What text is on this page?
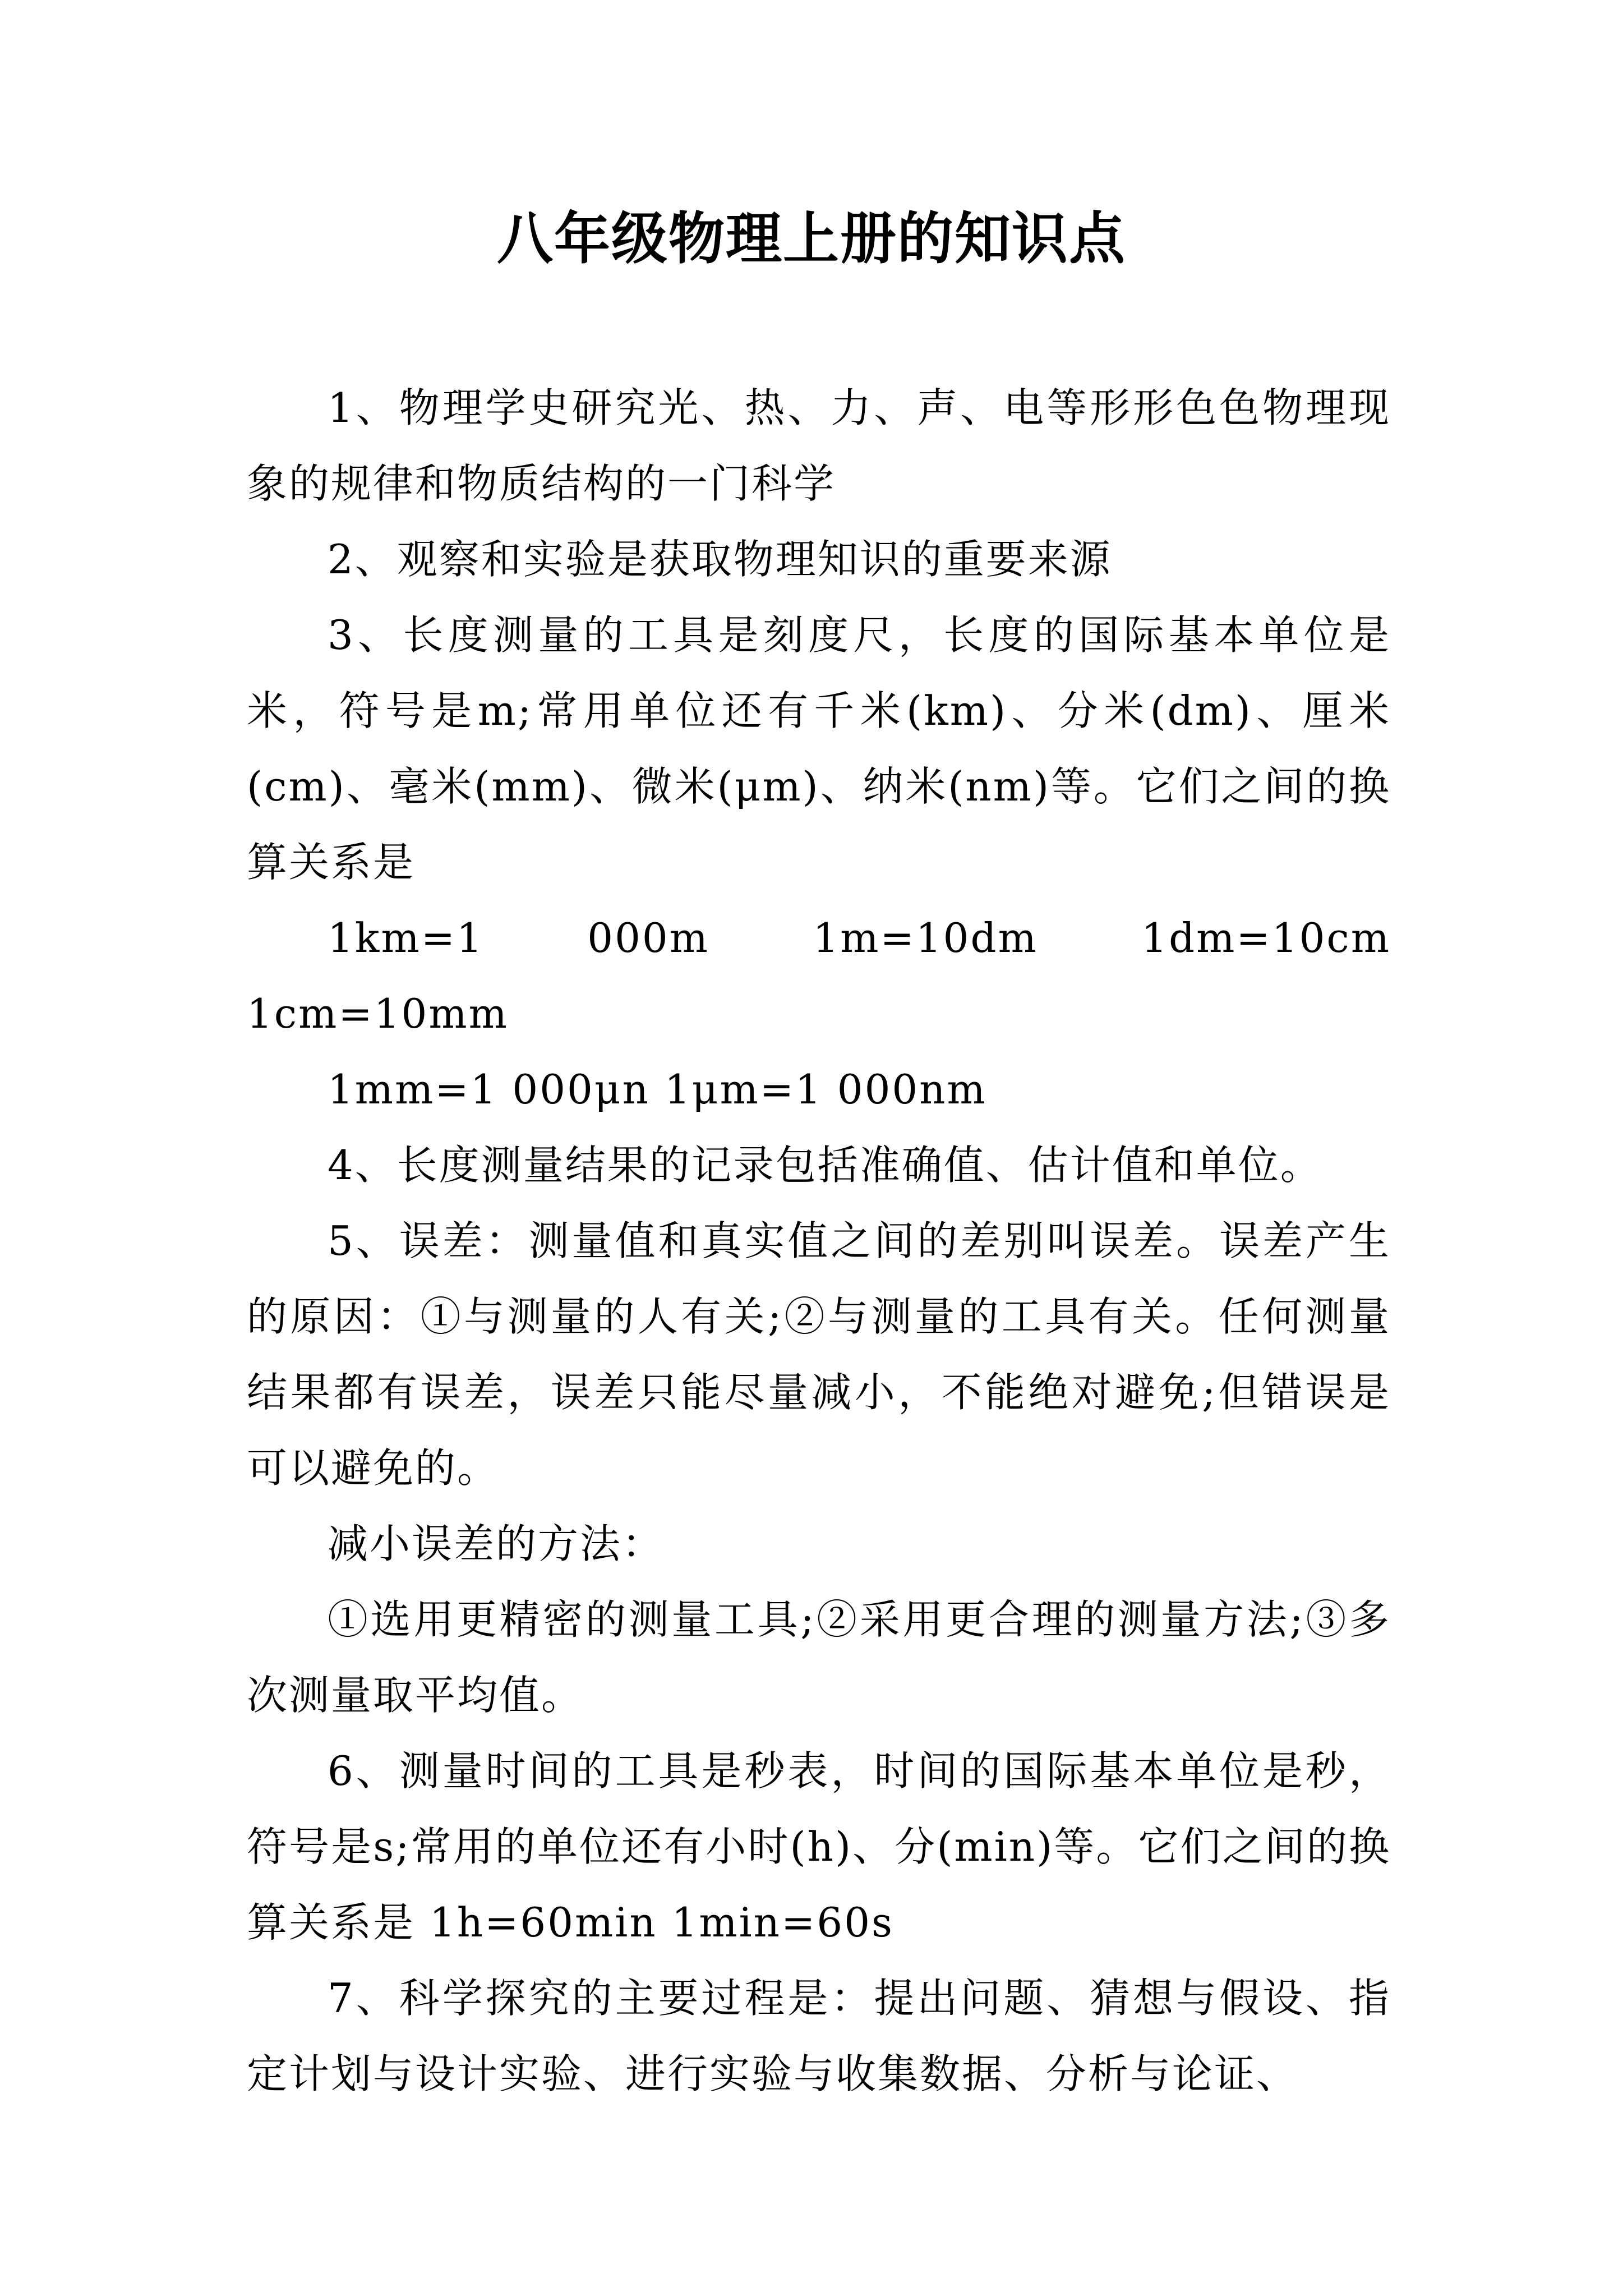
八年级物理上册的知识点

1、物理学史研究光、热、力、声、电等形形色色物理现象的规律和物质结构的一门科学

2、观察和实验是获取物理知识的重要来源

3、长度测量的工具是刻度尺，长度的国际基本单位是米，符号是m;常用单位还有千米(km)、分米(dm)、厘米(cm)、毫米(mm)、微米(μm)、纳米(nm)等。它们之间的换算关系是

1km=1 000m 1m=10dm 1dm=10cm 1cm=10mm

1mm=1 000μn 1μm=1 000nm

4、长度测量结果的记录包括准确值、估计值和单位。

5、误差：测量值和真实值之间的差别叫误差。误差产生的原因：①与测量的人有关;②与测量的工具有关。任何测量结果都有误差，误差只能尽量减小，不能绝对避免;但错误是可以避免的。

减小误差的方法：

①选用更精密的测量工具;②采用更合理的测量方法;③多次测量取平均值。

6、测量时间的工具是秒表，时间的国际基本单位是秒，符号是s;常用的单位还有小时(h)、分(min)等。它们之间的换算关系是 1h=60min 1min=60s

7、科学探究的主要过程是：提出问题、猜想与假设、指定计划与设计实验、进行实验与收集数据、分析与论证、
